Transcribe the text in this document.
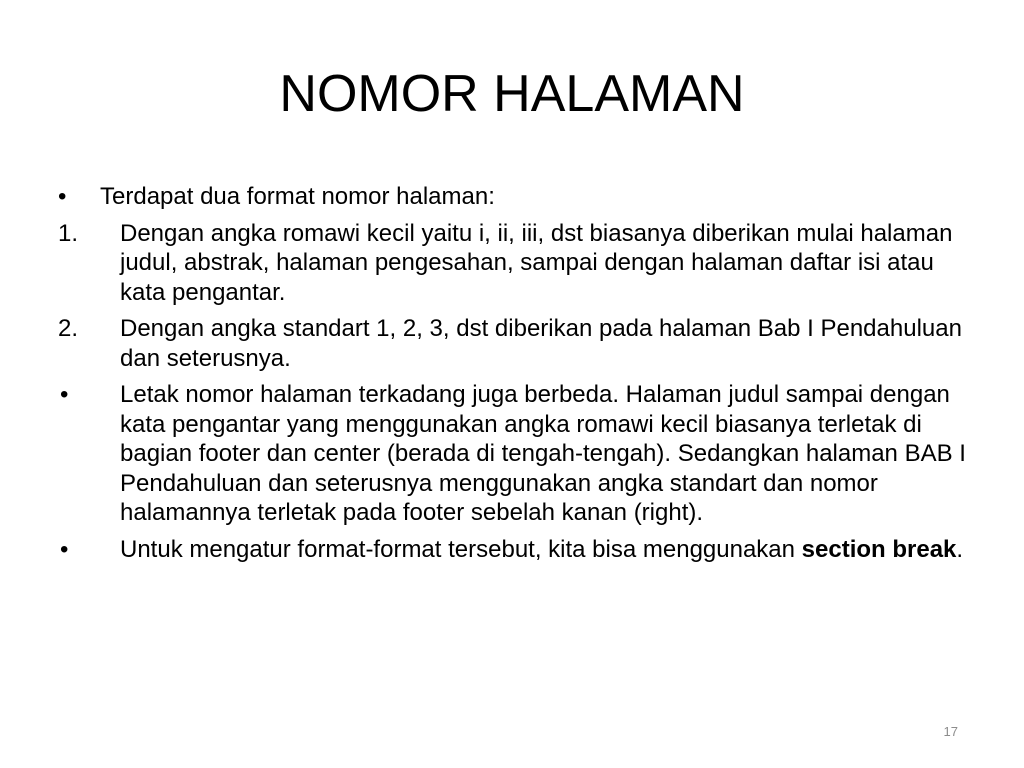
NOMOR HALAMAN
•	Terdapat dua format nomor halaman:
1.	Dengan angka romawi kecil yaitu i, ii, iii, dst biasanya diberikan mulai halaman judul, abstrak, halaman pengesahan, sampai dengan halaman daftar isi atau kata pengantar.
2.	Dengan angka standart 1, 2, 3, dst diberikan pada halaman Bab I Pendahuluan dan seterusnya.
•	Letak nomor halaman terkadang juga berbeda. Halaman judul sampai dengan kata pengantar yang menggunakan angka romawi kecil biasanya terletak di bagian footer dan center (berada di tengah-tengah). Sedangkan halaman BAB I Pendahuluan dan seterusnya menggunakan angka standart dan nomor halamannya terletak pada footer sebelah kanan (right).
•	Untuk mengatur format-format tersebut, kita bisa menggunakan section break.
17
